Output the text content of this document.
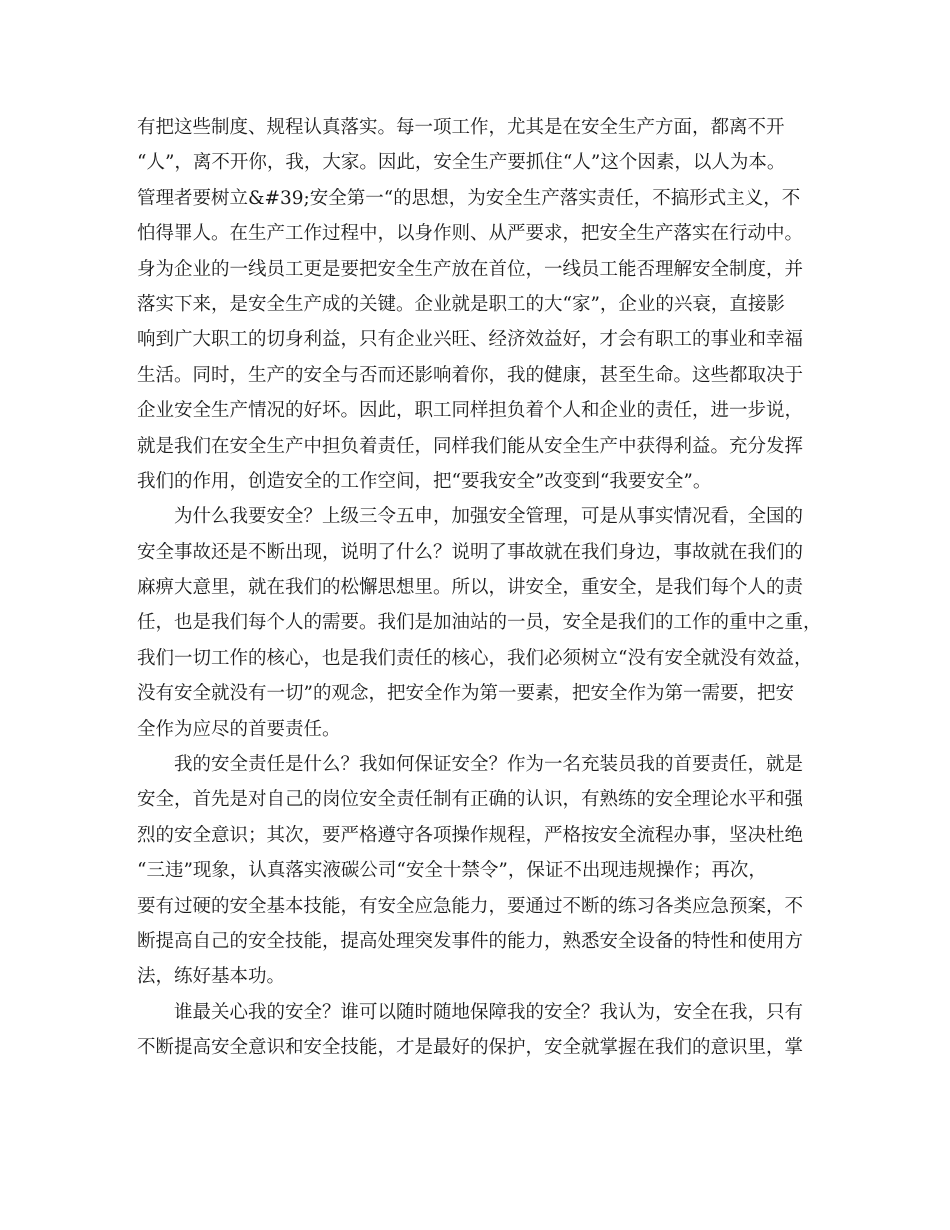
有把这些制度、规程认真落实。每一项工作，尤其是在安全生产方面，都离不开
“人”，离不开你，我，大家。因此，安全生产要抓住“人”这个因素，以人为本。
管理者要树立&#39;安全第一“的思想，为安全生产落实责任，不搞形式主义，不
怕得罪人。在生产工作过程中，以身作则、从严要求，把安全生产落实在行动中。
身为企业的一线员工更是要把安全生产放在首位，一线员工能否理解安全制度，并
落实下来，是安全生产成的关键。企业就是职工的大“家”，企业的兴衰，直接影
响到广大职工的切身利益，只有企业兴旺、经济效益好，才会有职工的事业和幸福
生活。同时，生产的安全与否而还影响着你，我的健康，甚至生命。这些都取决于
企业安全生产情况的好坏。因此，职工同样担负着个人和企业的责任，进一步说，
就是我们在安全生产中担负着责任，同样我们能从安全生产中获得利益。充分发挥
我们的作用，创造安全的工作空间，把“要我安全”改变到“我要安全”。
为什么我要安全？上级三令五申，加强安全管理，可是从事实情况看，全国的
安全事故还是不断出现，说明了什么？说明了事故就在我们身边，事故就在我们的
麻痹大意里，就在我们的松懈思想里。所以，讲安全，重安全，是我们每个人的责
任，也是我们每个人的需要。我们是加油站的一员，安全是我们的工作的重中之重，
我们一切工作的核心，也是我们责任的核心，我们必须树立“没有安全就没有效益，
没有安全就没有一切”的观念，把安全作为第一要素，把安全作为第一需要，把安
全作为应尽的首要责任。
我的安全责任是什么？我如何保证安全？作为一名充装员我的首要责任，就是
安全，首先是对自己的岗位安全责任制有正确的认识，有熟练的安全理论水平和强
烈的安全意识；其次，要严格遵守各项操作规程，严格按安全流程办事，坚决杜绝
“三违”现象，认真落实液碳公司“安全十禁令”，保证不出现违规操作；再次，
要有过硬的安全基本技能，有安全应急能力，要通过不断的练习各类应急预案，不
断提高自己的安全技能，提高处理突发事件的能力，熟悉安全设备的特性和使用方
法，练好基本功。
谁最关心我的安全？谁可以随时随地保障我的安全？我认为，安全在我，只有
不断提高安全意识和安全技能，才是最好的保护，安全就掌握在我们的意识里，掌
